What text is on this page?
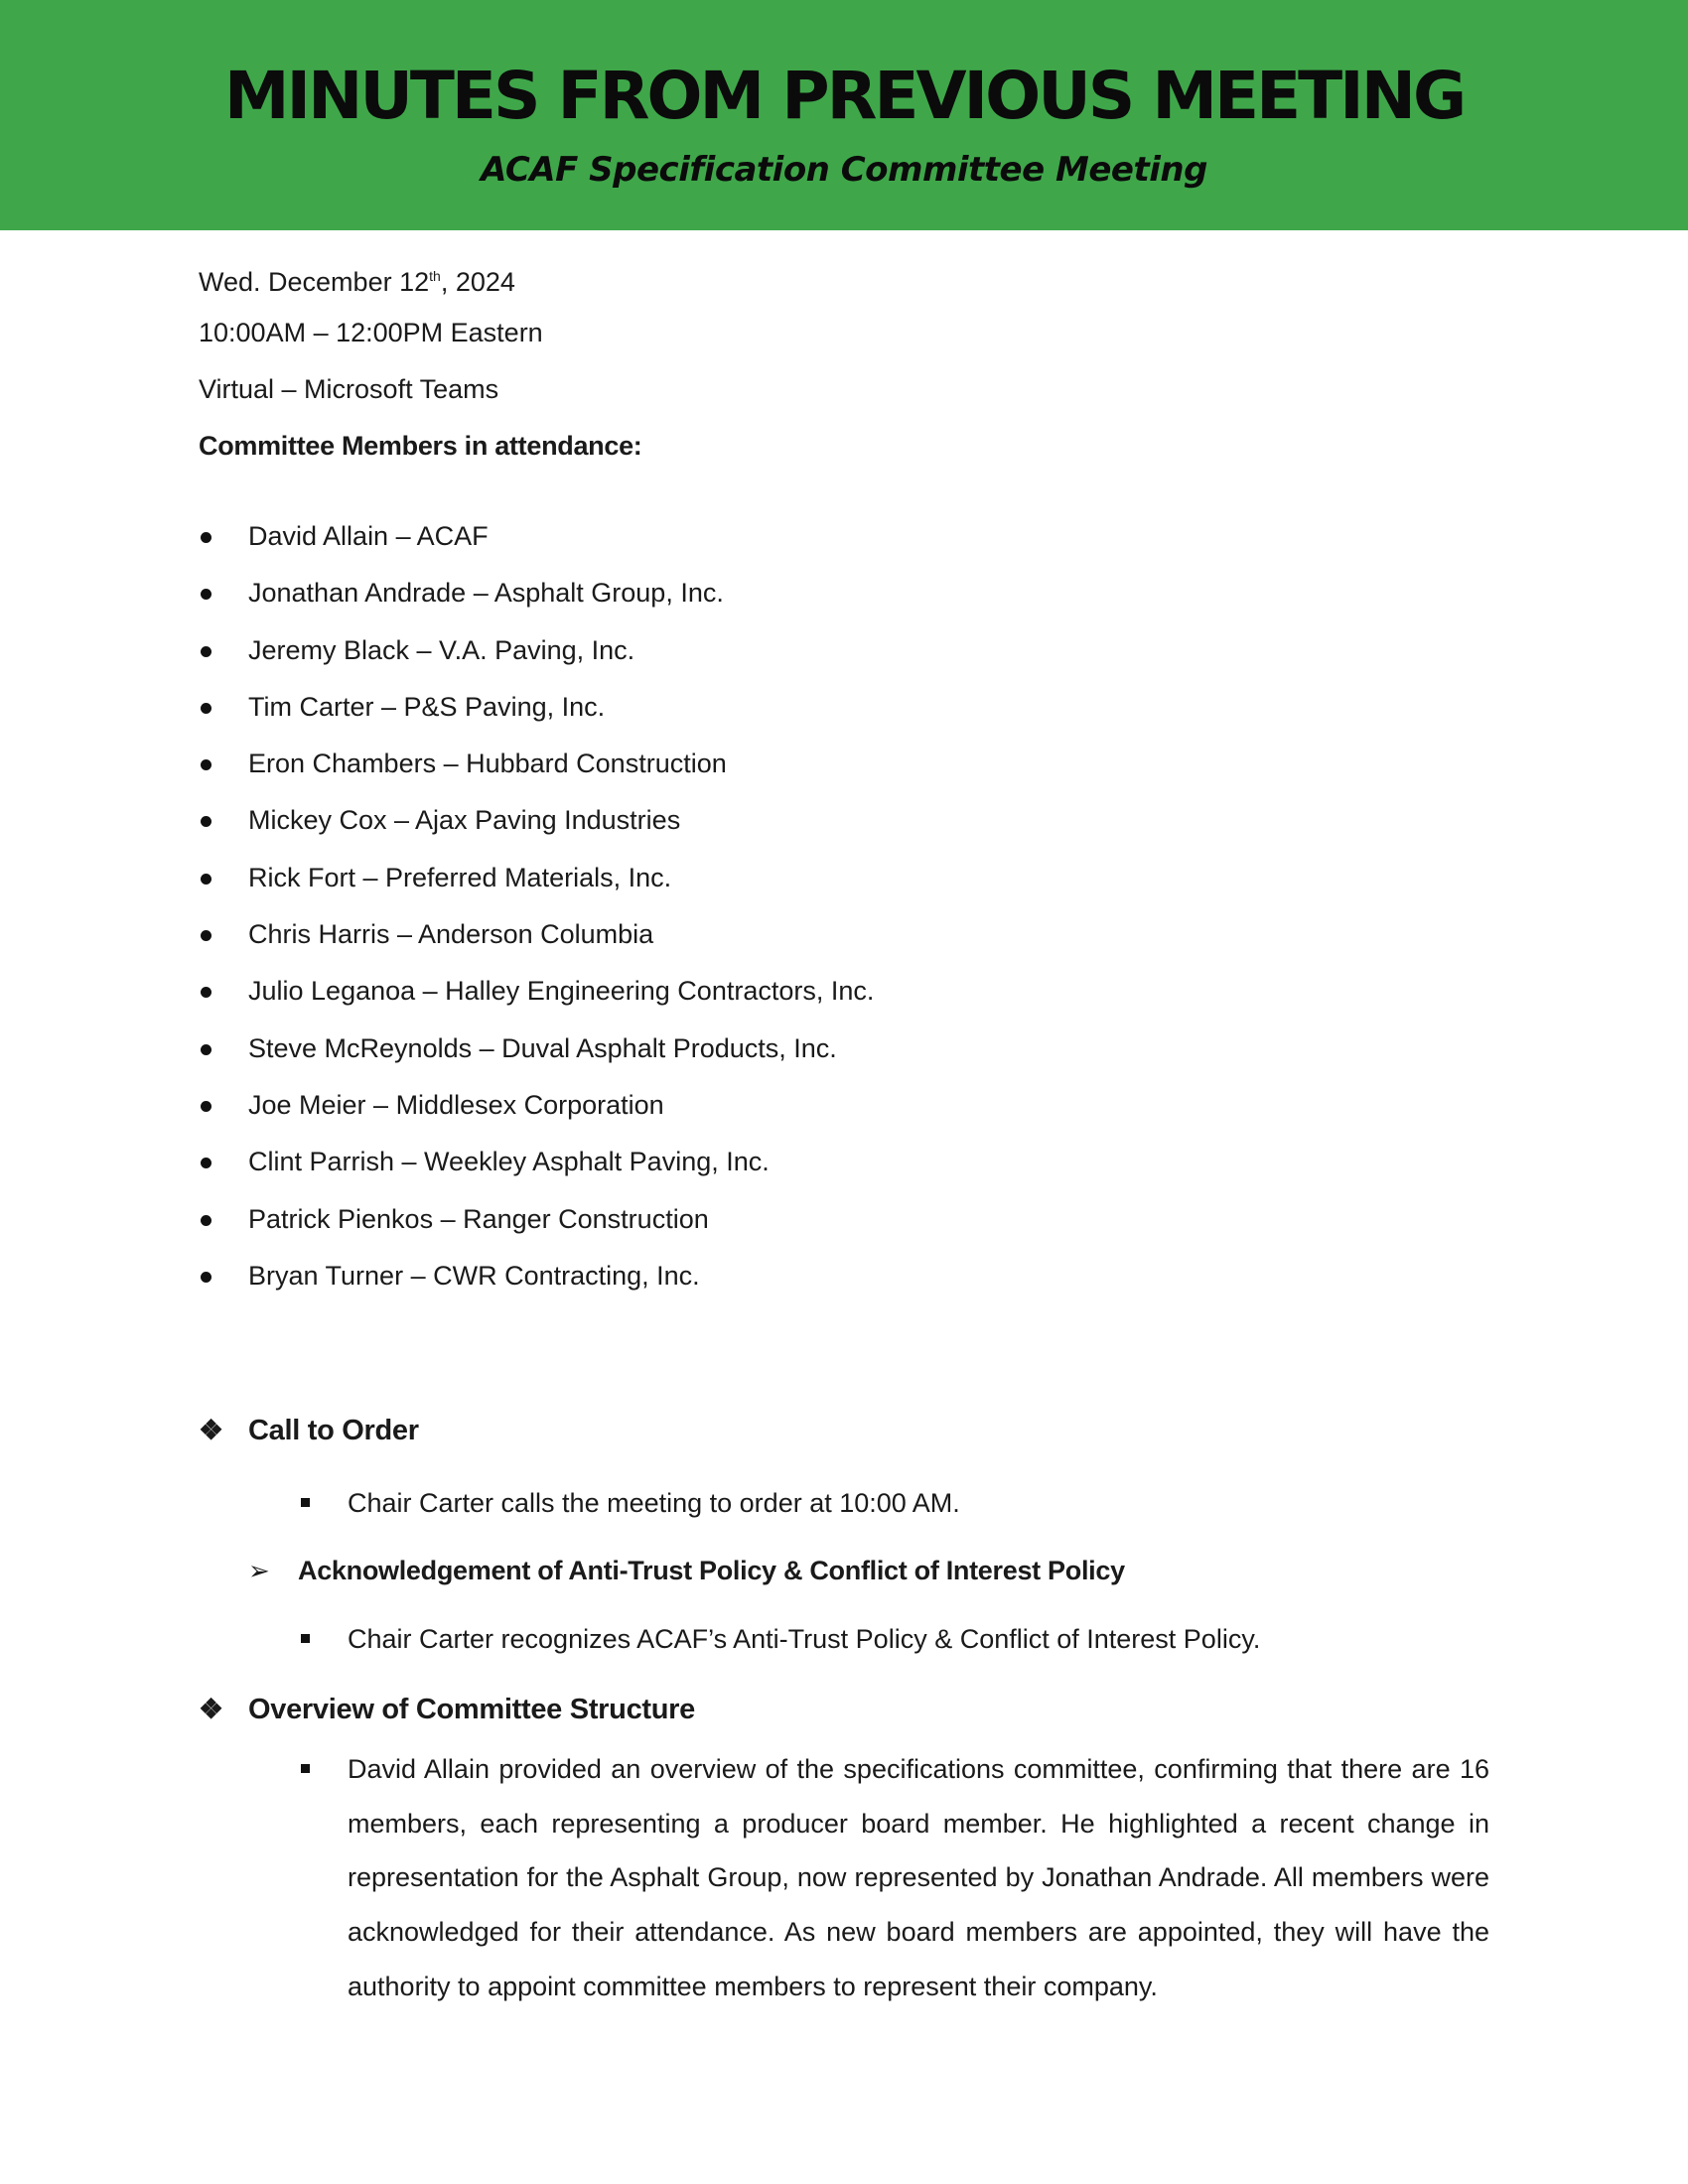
MINUTES FROM PREVIOUS MEETING
ACAF Specification Committee Meeting
Wed. December 12th, 2024
10:00AM – 12:00PM Eastern
Virtual – Microsoft Teams
Committee Members in attendance:
David Allain – ACAF
Jonathan Andrade – Asphalt Group, Inc.
Jeremy Black – V.A. Paving, Inc.
Tim Carter – P&S Paving, Inc.
Eron Chambers – Hubbard Construction
Mickey Cox – Ajax Paving Industries
Rick Fort – Preferred Materials, Inc.
Chris Harris – Anderson Columbia
Julio Leganoa – Halley Engineering Contractors, Inc.
Steve McReynolds – Duval Asphalt Products, Inc.
Joe Meier – Middlesex Corporation
Clint Parrish – Weekley Asphalt Paving, Inc.
Patrick Pienkos – Ranger Construction
Bryan Turner – CWR Contracting, Inc.
❖ Call to Order
Chair Carter calls the meeting to order at 10:00 AM.
➢ Acknowledgement of Anti-Trust Policy & Conflict of Interest Policy
Chair Carter recognizes ACAF’s Anti-Trust Policy & Conflict of Interest Policy.
❖ Overview of Committee Structure
David Allain provided an overview of the specifications committee, confirming that there are 16 members, each representing a producer board member. He highlighted a recent change in representation for the Asphalt Group, now represented by Jonathan Andrade. All members were acknowledged for their attendance. As new board members are appointed, they will have the authority to appoint committee members to represent their company.
